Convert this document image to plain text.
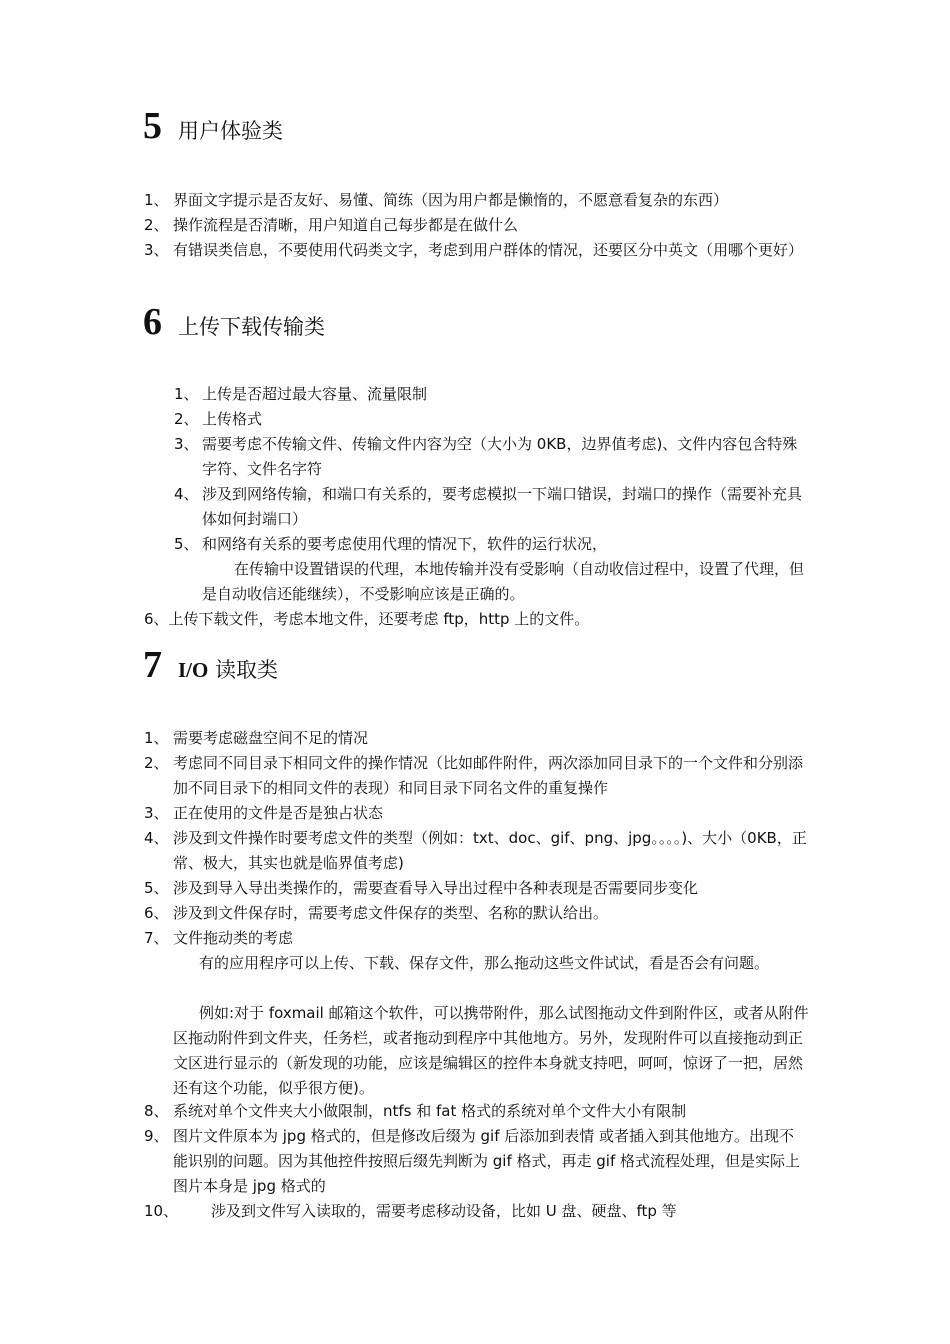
5 用户体验类
1、 界面文字提示是否友好、易懂、简练（因为用户都是懒惰的，不愿意看复杂的东西）
2、 操作流程是否清晰，用户知道自己每步都是在做什么
3、 有错误类信息，不要使用代码类文字，考虑到用户群体的情况，还要区分中英文（用哪个更好）
6 上传下载传输类
1、 上传是否超过最大容量、流量限制
2、 上传格式
3、 需要考虑不传输文件、传输文件内容为空（大小为 0KB，边界值考虑)、文件内容包含特殊字符、文件名字符
4、 涉及到网络传输，和端口有关系的，要考虑模拟一下端口错误，封端口的操作（需要补充具体如何封端口）
5、 和网络有关系的要考虑使用代理的情况下，软件的运行状况，
在传输中设置错误的代理，本地传输并没有受影响（自动收信过程中，设置了代理，但是自动收信还能继续），不受影响应该是正确的。
6、上传下载文件，考虑本地文件，还要考虑 ftp，http 上的文件。
7 I/O 读取类
1、 需要考虑磁盘空间不足的情况
2、 考虑同不同目录下相同文件的操作情况（比如邮件附件，两次添加同目录下的一个文件和分别添加不同目录下的相同文件的表现）和同目录下同名文件的重复操作
3、 正在使用的文件是否是独占状态
4、 涉及到文件操作时要考虑文件的类型（例如：txt、doc、gif、png、jpg。。。。)、大小（0KB，正常、极大，其实也就是临界值考虑)
5、 涉及到导入导出类操作的，需要查看导入导出过程中各种表现是否需要同步变化
6、 涉及到文件保存时，需要考虑文件保存的类型、名称的默认给出。
7、 文件拖动类的考虑
有的应用程序可以上传、下载、保存文件，那么拖动这些文件试试，看是否会有问题。
例如:对于 foxmail 邮箱这个软件，可以携带附件，那么试图拖动文件到附件区，或者从附件区拖动附件到文件夹，任务栏，或者拖动到程序中其他地方。另外，发现附件可以直接拖动到正文区进行显示的（新发现的功能，应该是编辑区的控件本身就支持吧，呵呵，惊讶了一把，居然还有这个功能，似乎很方便)。
8、 系统对单个文件夹大小做限制，ntfs 和 fat 格式的系统对单个文件大小有限制
9、 图片文件原本为 jpg 格式的，但是修改后缀为 gif 后添加到表情 或者插入到其他地方。出现不能识别的问题。因为其他控件按照后缀先判断为 gif 格式，再走 gif 格式流程处理，但是实际上图片本身是 jpg 格式的
10、	涉及到文件写入读取的，需要考虑移动设备，比如 U 盘、硬盘、ftp 等
